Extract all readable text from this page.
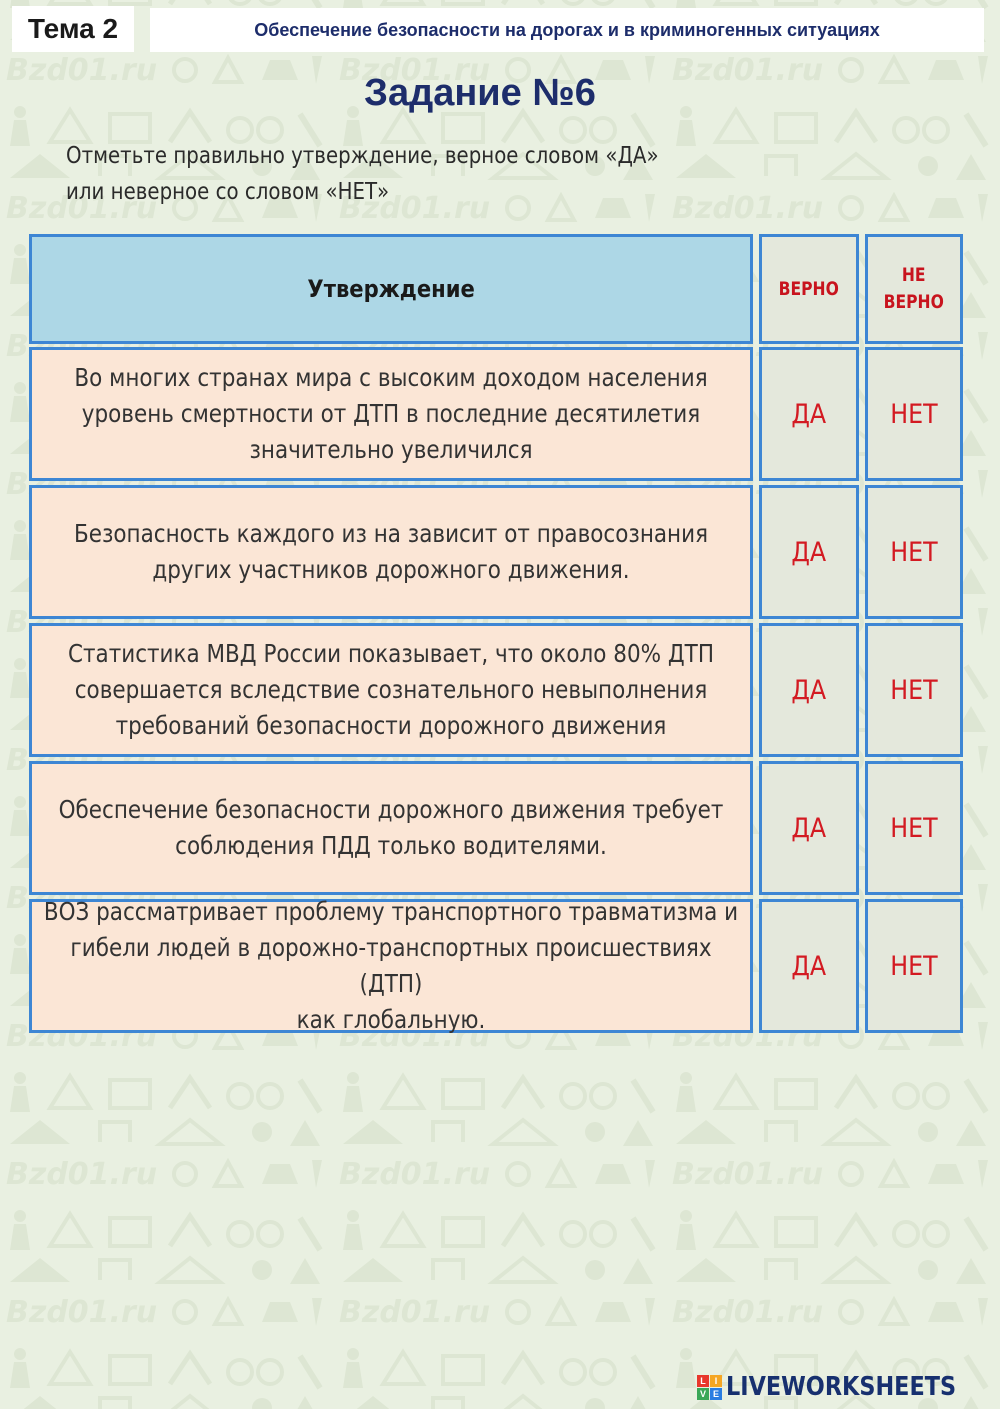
Тема 2	Обеспечение безопасности на дорогах и в криминогенных ситуациях
Задание №6
Отметьте правильно утверждение, верное словом «ДА»
или неверное со словом «НЕТ»
Утверждение	ВЕРНО
НЕ
ВЕРНО
Во многих странах мира с высоким доходом населения
уровень смертности от ДТП в последние десятилетия
значительно увеличился
ДА НЕТ
Безопасность каждого из на зависит от правосознания
других участников дорожного движения.
ДА НЕТ
Статистика МВД России показывает, что около 80% ДТП
совершается вследствие сознательного невыполнения
требований безопасности дорожного движения
ДА НЕТ
Обеспечение безопасности дорожного движения требует
соблюдения ПДД только водителями.
ДА НЕТ
ВОЗ рассматривает проблему транспортного травматизма и
гибели людей в дорожно-транспортных происшествиях (ДТП)
как глобальную.
ДА НЕТ
L I
V E LIVEWORKSHEETS
